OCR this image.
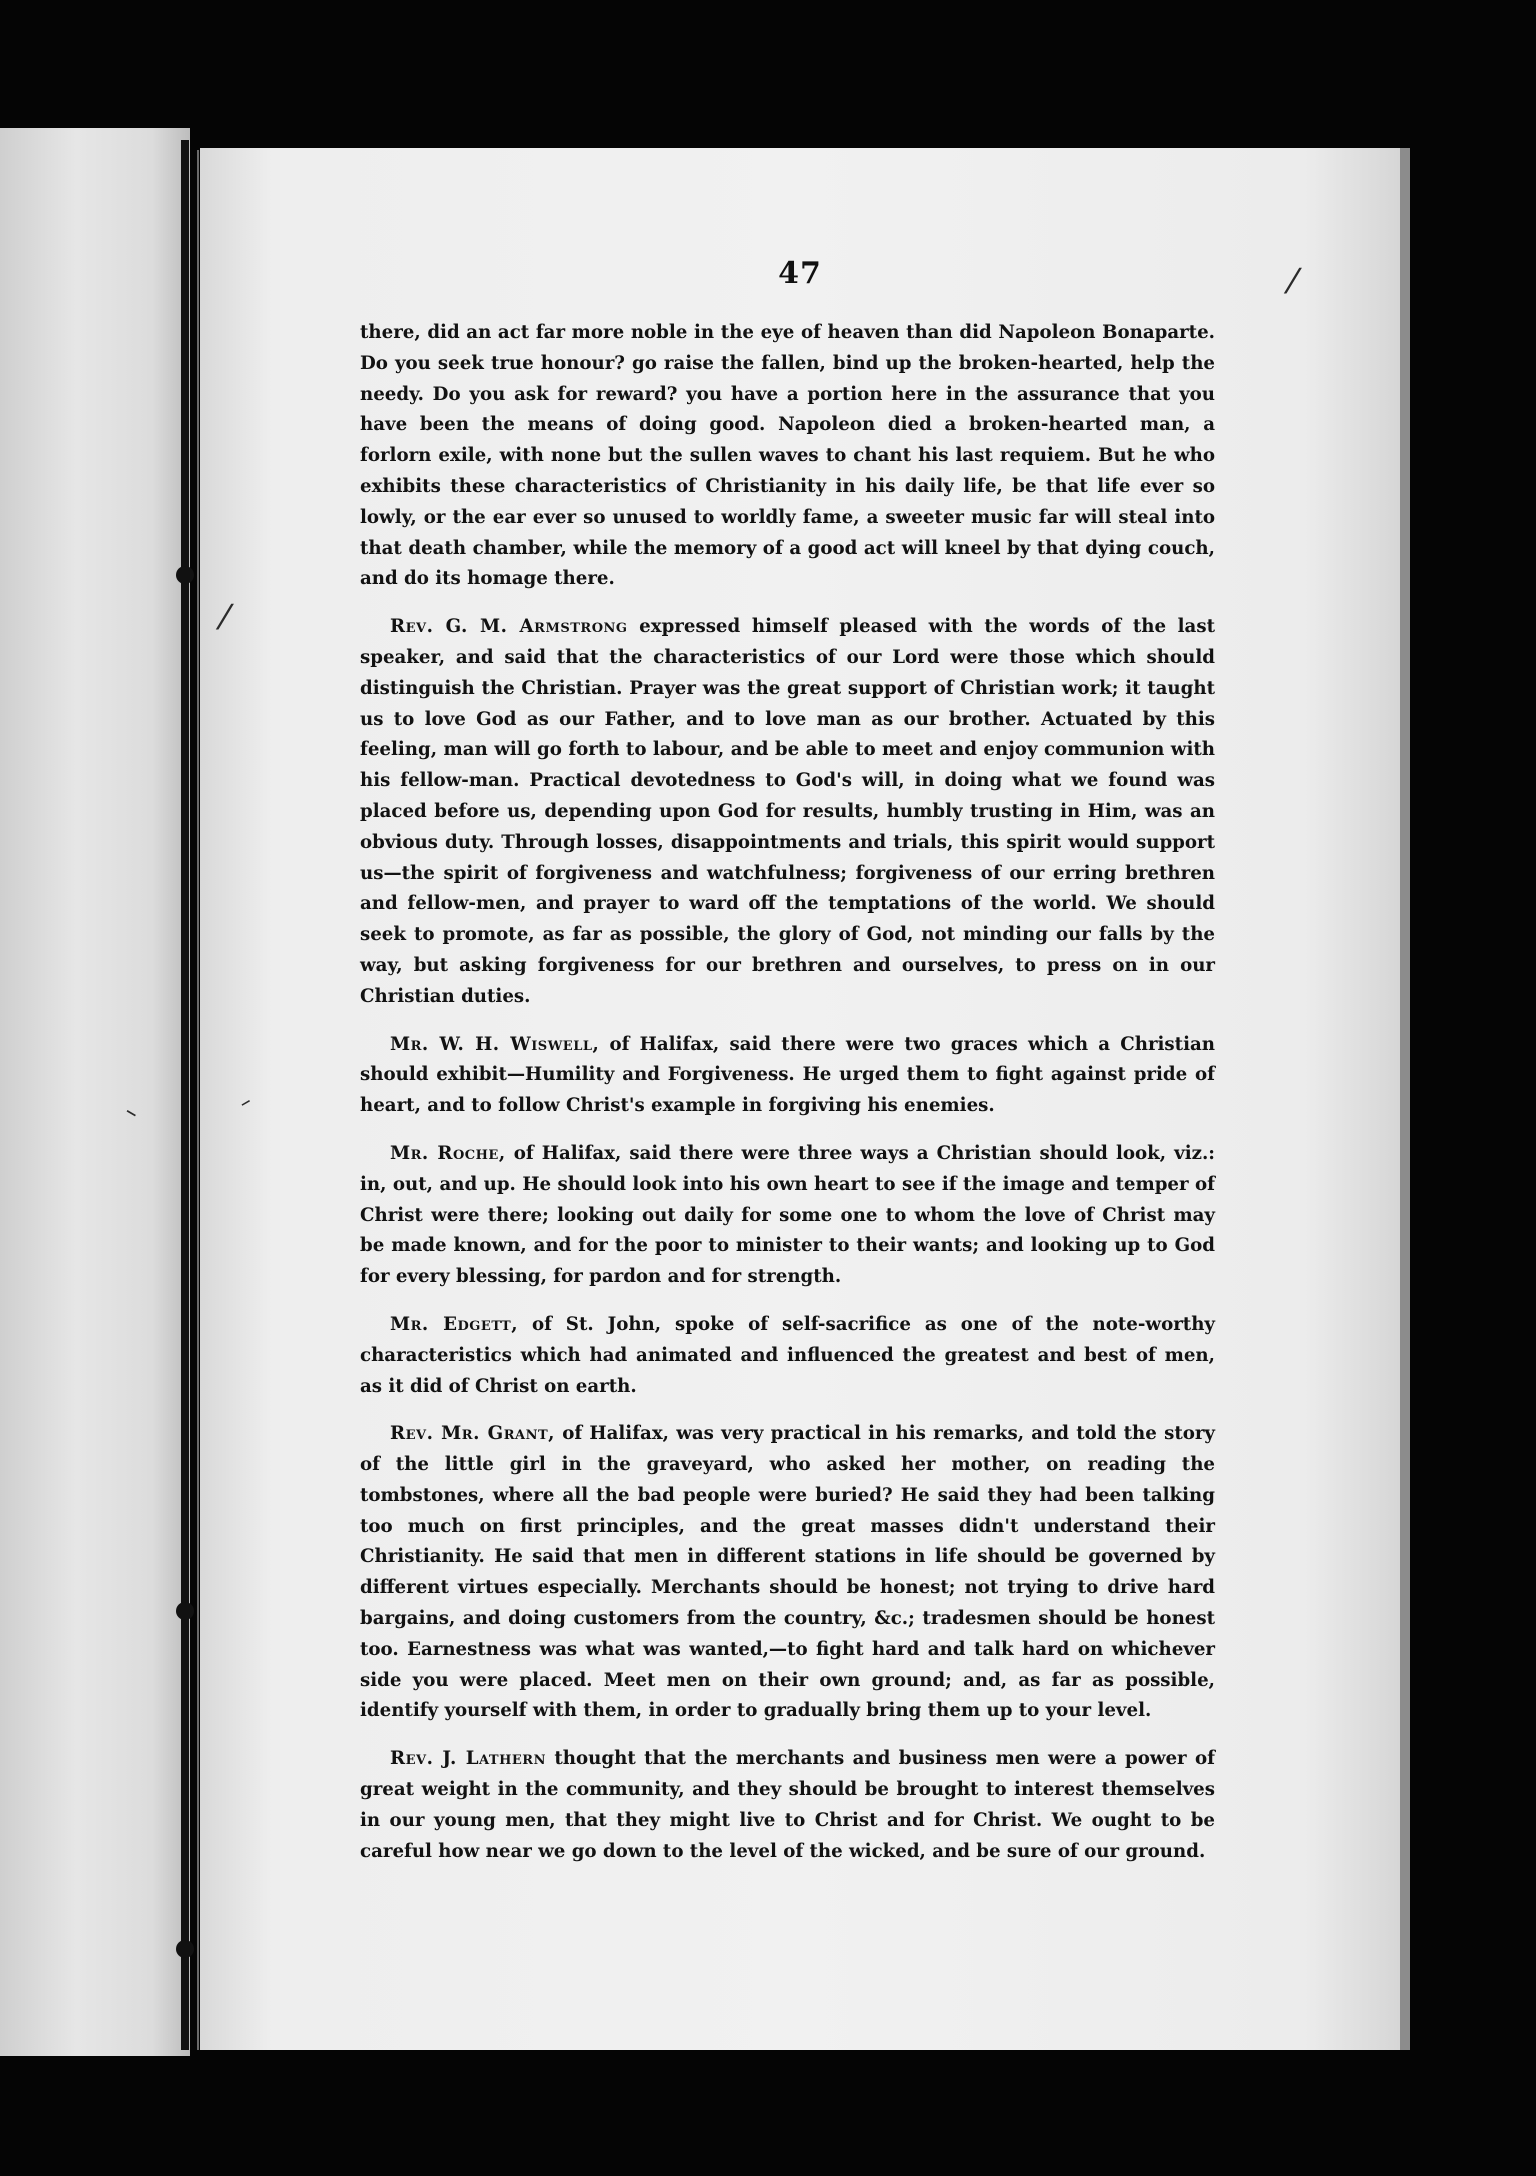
47

there, did an act far more noble in the eye of heaven than did Napoleon Bonaparte. Do you seek true honour? go raise the fallen, bind up the broken-hearted, help the needy. Do you ask for reward? you have a portion here in the assurance that you have been the means of doing good. Napoleon died a broken-hearted man, a forlorn exile, with none but the sullen waves to chant his last requiem. But he who exhibits these characteristics of Christianity in his daily life, be that life ever so lowly, or the ear ever so unused to worldly fame, a sweeter music far will steal into that death chamber, while the memory of a good act will kneel by that dying couch, and do its homage there.

Rev. G. M. Armstrong expressed himself pleased with the words of the last speaker, and said that the characteristics of our Lord were those which should distinguish the Christian. Prayer was the great support of Christian work; it taught us to love God as our Father, and to love man as our brother. Actuated by this feeling, man will go forth to labour, and be able to meet and enjoy communion with his fellow-man. Practical devotedness to God's will, in doing what we found was placed before us, depending upon God for results, humbly trusting in Him, was an obvious duty. Through losses, disappointments and trials, this spirit would support us—the spirit of forgiveness and watchfulness; forgiveness of our erring brethren and fellow-men, and prayer to ward off the temptations of the world. We should seek to promote, as far as possible, the glory of God, not minding our falls by the way, but asking forgiveness for our brethren and ourselves, to press on in our Christian duties.

Mr. W. H. Wiswell, of Halifax, said there were two graces which a Christian should exhibit—Humility and Forgiveness. He urged them to fight against pride of heart, and to follow Christ's example in forgiving his enemies.

Mr. Roche, of Halifax, said there were three ways a Christian should look, viz.: in, out, and up. He should look into his own heart to see if the image and temper of Christ were there; looking out daily for some one to whom the love of Christ may be made known, and for the poor to minister to their wants; and looking up to God for every blessing, for pardon and for strength.

Mr. Edgett, of St. John, spoke of self-sacrifice as one of the note-worthy characteristics which had animated and influenced the greatest and best of men, as it did of Christ on earth.

Rev. Mr. Grant, of Halifax, was very practical in his remarks, and told the story of the little girl in the graveyard, who asked her mother, on reading the tombstones, where all the bad people were buried? He said they had been talking too much on first principles, and the great masses didn't understand their Christianity. He said that men in different stations in life should be governed by different virtues especially. Merchants should be honest; not trying to drive hard bargains, and doing customers from the country, &c.; tradesmen should be honest too. Earnestness was what was wanted,—to fight hard and talk hard on whichever side you were placed. Meet men on their own ground; and, as far as possible, identify yourself with them, in order to gradually bring them up to your level.

Rev. J. Lathern thought that the merchants and business men were a power of great weight in the community, and they should be brought to interest themselves in our young men, that they might live to Christ and for Christ. We ought to be careful how near we go down to the level of the wicked, and be sure of our ground.

⁄
⁄
–	–
